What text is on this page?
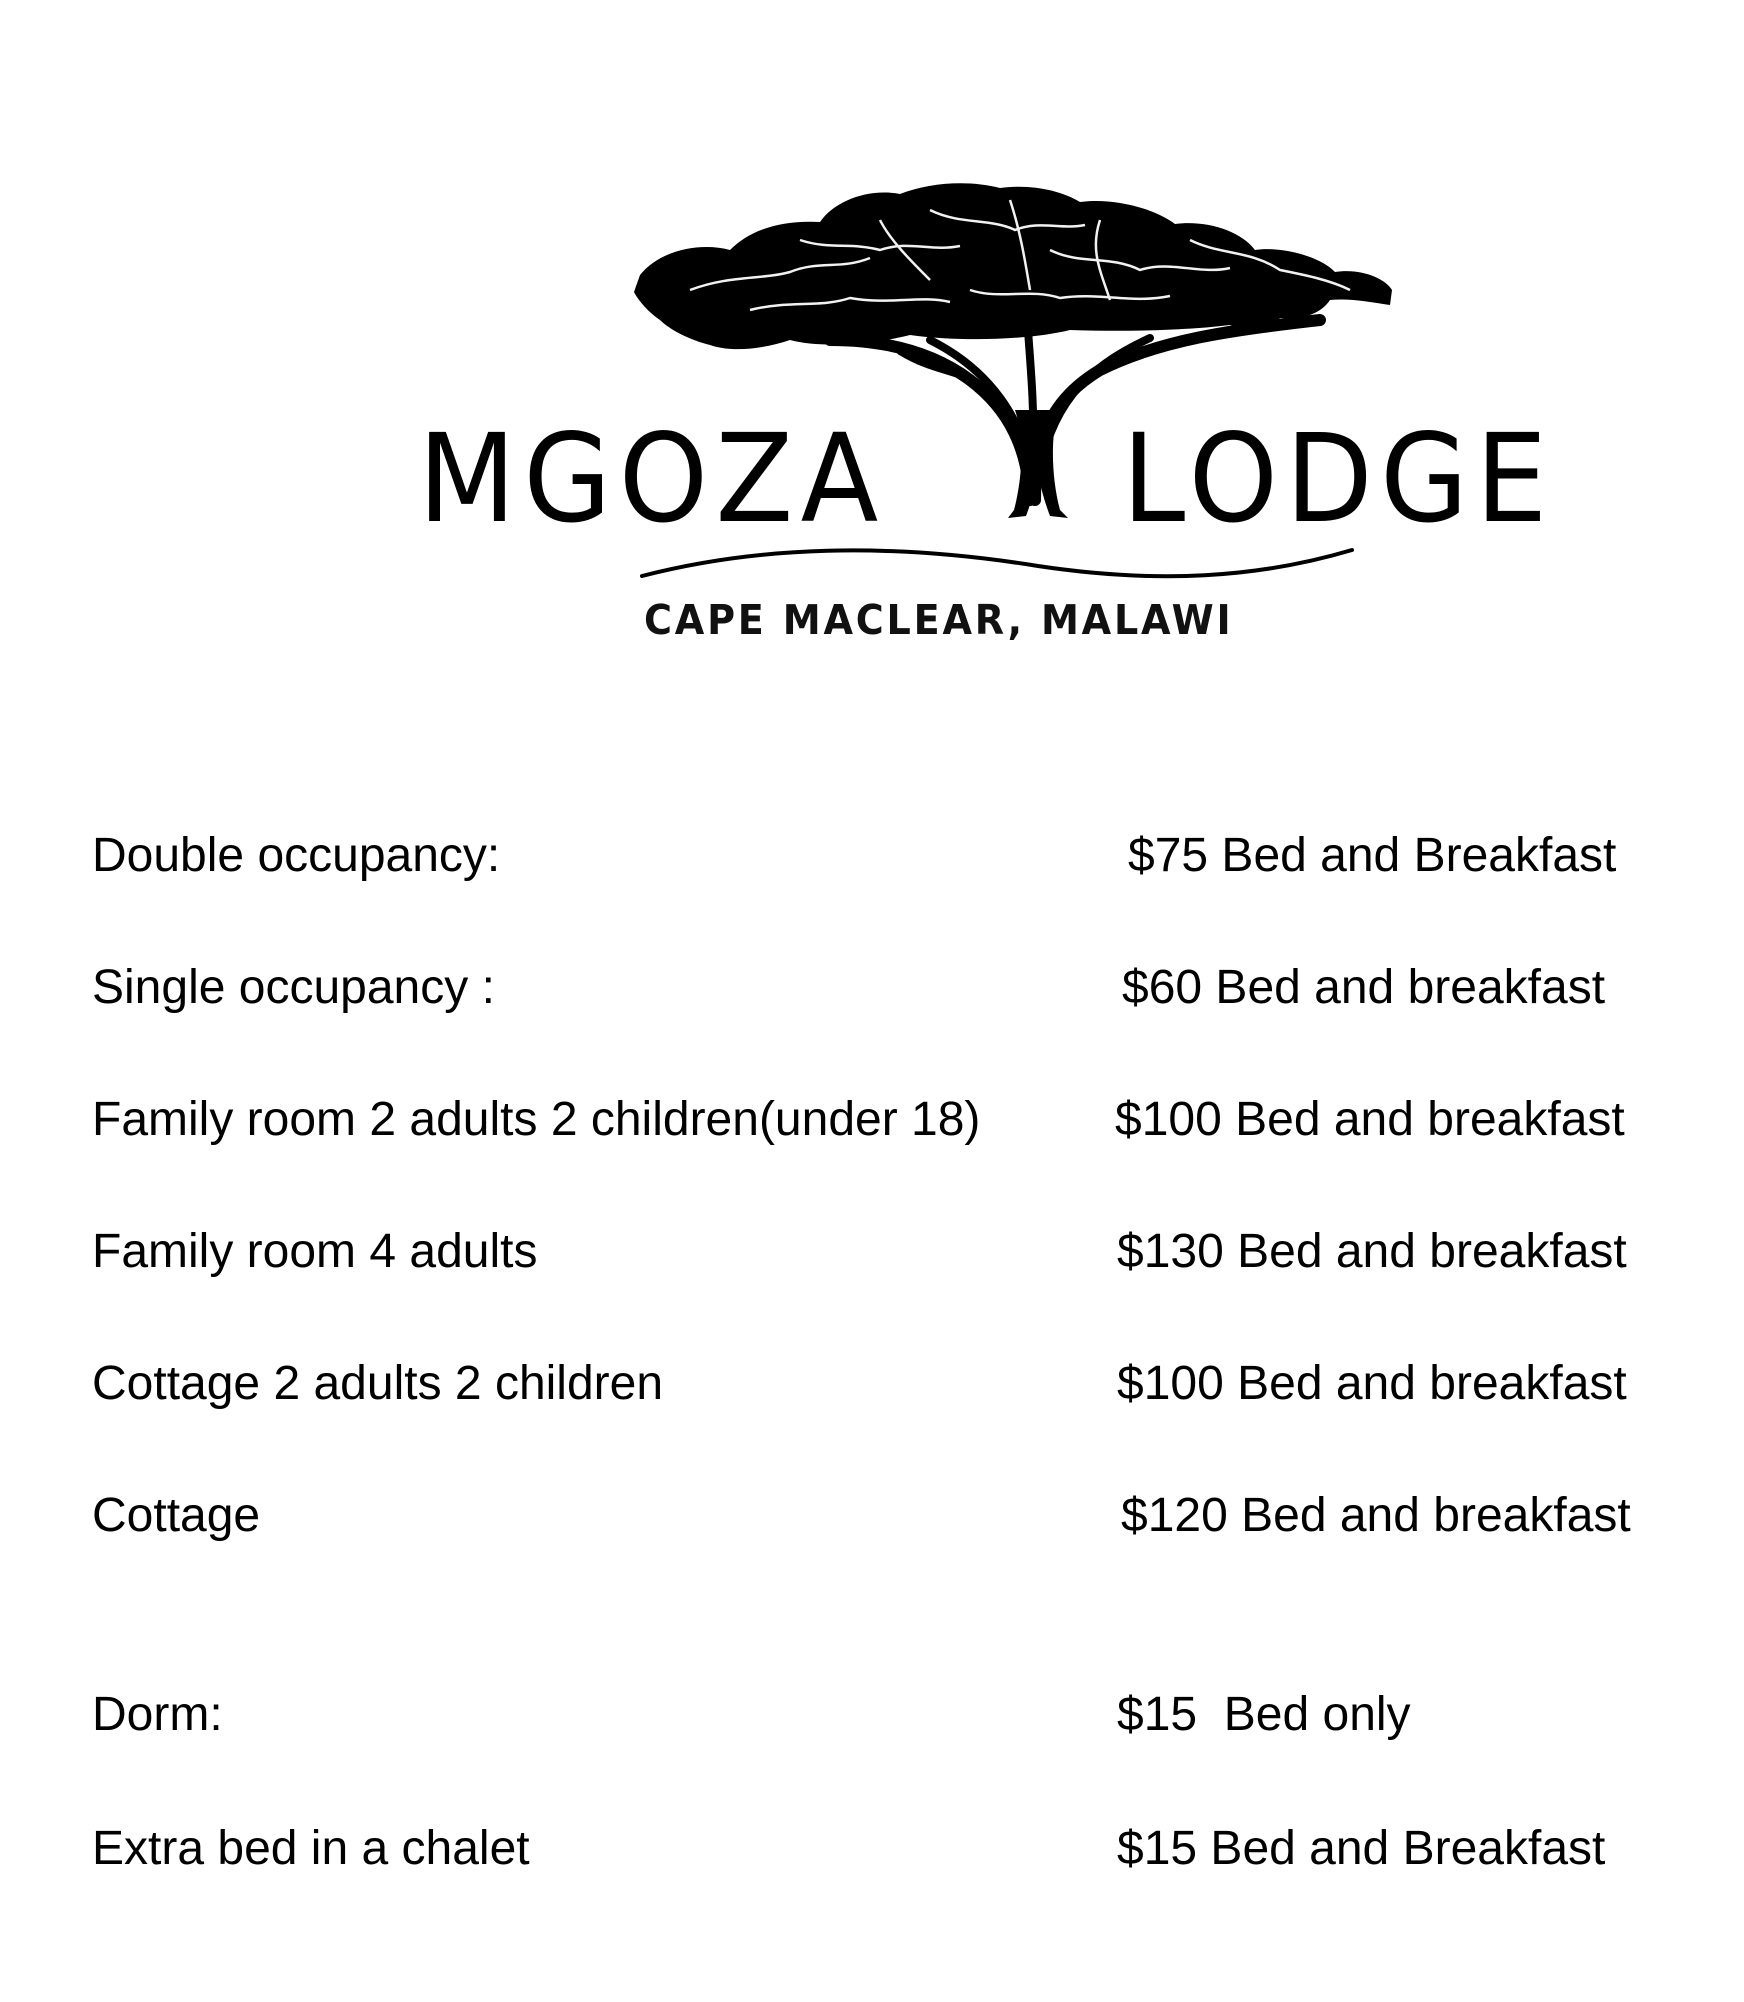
MGOZA LODGE
CAPE MACLEAR, MALAWI
Double occupancy:	$75 Bed and Breakfast
Single occupancy :	$60 Bed and breakfast
Family room 2 adults 2 children(under 18)	$100 Bed and breakfast
Family room 4 adults	$130 Bed and breakfast
Cottage 2 adults 2 children	$100 Bed and breakfast
Cottage	$120 Bed and breakfast
Dorm:	$15  Bed only
Extra bed in a chalet	$15 Bed and Breakfast
